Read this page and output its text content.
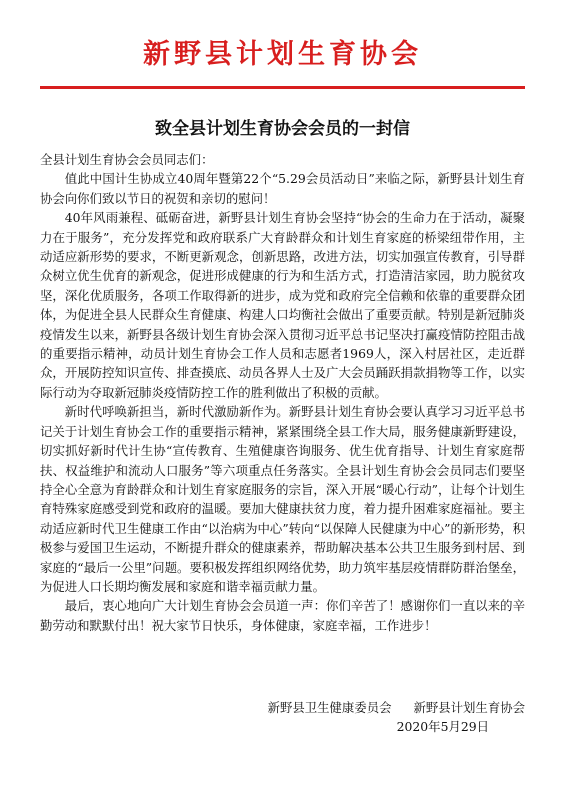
新野县计划生育协会
致全县计划生育协会会员的一封信

全县计划生育协会会员同志们：

值此中国计生协成立40周年暨第22个“5.29会员活动日”来临之际，新野县计划生育协会向你们致以节日的祝贺和亲切的慰问！

40年风雨兼程、砥砺奋进，新野县计划生育协会坚持“协会的生命力在于活动，凝聚力在于服务”，充分发挥党和政府联系广大育龄群众和计划生育家庭的桥梁纽带作用，主动适应新形势的要求，不断更新观念，创新思路，改进方法，切实加强宣传教育，引导群众树立优生优育的新观念，促进形成健康的行为和生活方式，打造清洁家园，助力脱贫攻坚，深化优质服务，各项工作取得新的进步，成为党和政府完全信赖和依靠的重要群众团体，为促进全县人民群众生育健康、构建人口均衡社会做出了重要贡献。特别是新冠肺炎疫情发生以来，新野县各级计划生育协会深入贯彻习近平总书记坚决打赢疫情防控阻击战的重要指示精神，动员计划生育协会工作人员和志愿者1969人，深入村居社区，走近群众，开展防控知识宣传、排查摸底、动员各界人士及广大会员踊跃捐款捐物等工作，以实际行动为夺取新冠肺炎疫情防控工作的胜利做出了积极的贡献。

新时代呼唤新担当，新时代激励新作为。新野县计划生育协会要认真学习习近平总书记关于计划生育协会工作的重要指示精神，紧紧围绕全县工作大局，服务健康新野建设，切实抓好新时代计生协“宣传教育、生殖健康咨询服务、优生优育指导、计划生育家庭帮扶、权益维护和流动人口服务”等六项重点任务落实。全县计划生育协会会员同志们要坚持全心全意为育龄群众和计划生育家庭服务的宗旨，深入开展“暖心行动”，让每个计划生育特殊家庭感受到党和政府的温暖。要加大健康扶贫力度，着力提升困难家庭福祉。要主动适应新时代卫生健康工作由“以治病为中心”转向“以保障人民健康为中心”的新形势，积极参与爱国卫生运动，不断提升群众的健康素养，帮助解决基本公共卫生服务到村居、到家庭的“最后一公里”问题。要积极发挥组织网络优势，助力筑牢基层疫情群防群治堡垒，为促进人口长期均衡发展和家庭和谐幸福贡献力量。

最后，衷心地向广大计划生育协会会员道一声：你们辛苦了！感谢你们一直以来的辛勤劳动和默默付出！祝大家节日快乐，身体健康，家庭幸福，工作进步！

新野县卫生健康委员会 新野县计划生育协会
2020年5月29日
